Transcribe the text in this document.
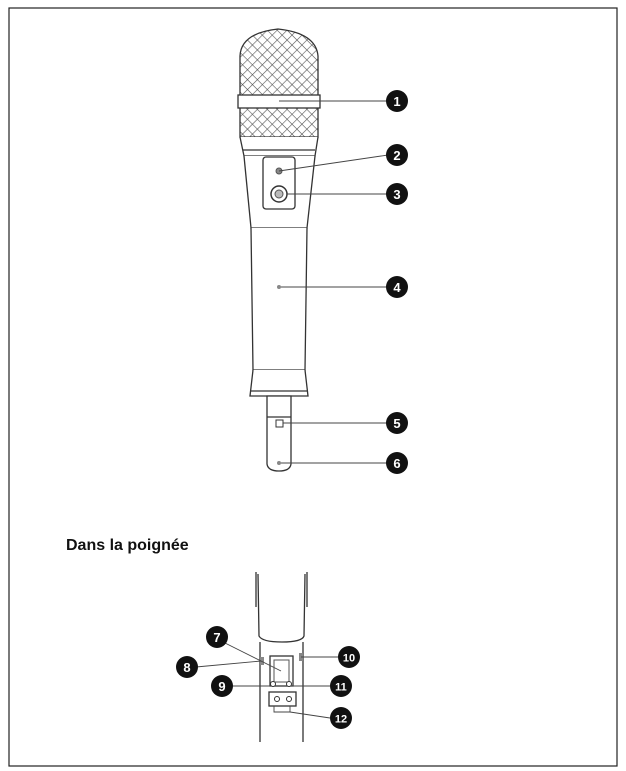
1
2
3
4
5
6
7
8
9
10
11
12
Dans la poignée
